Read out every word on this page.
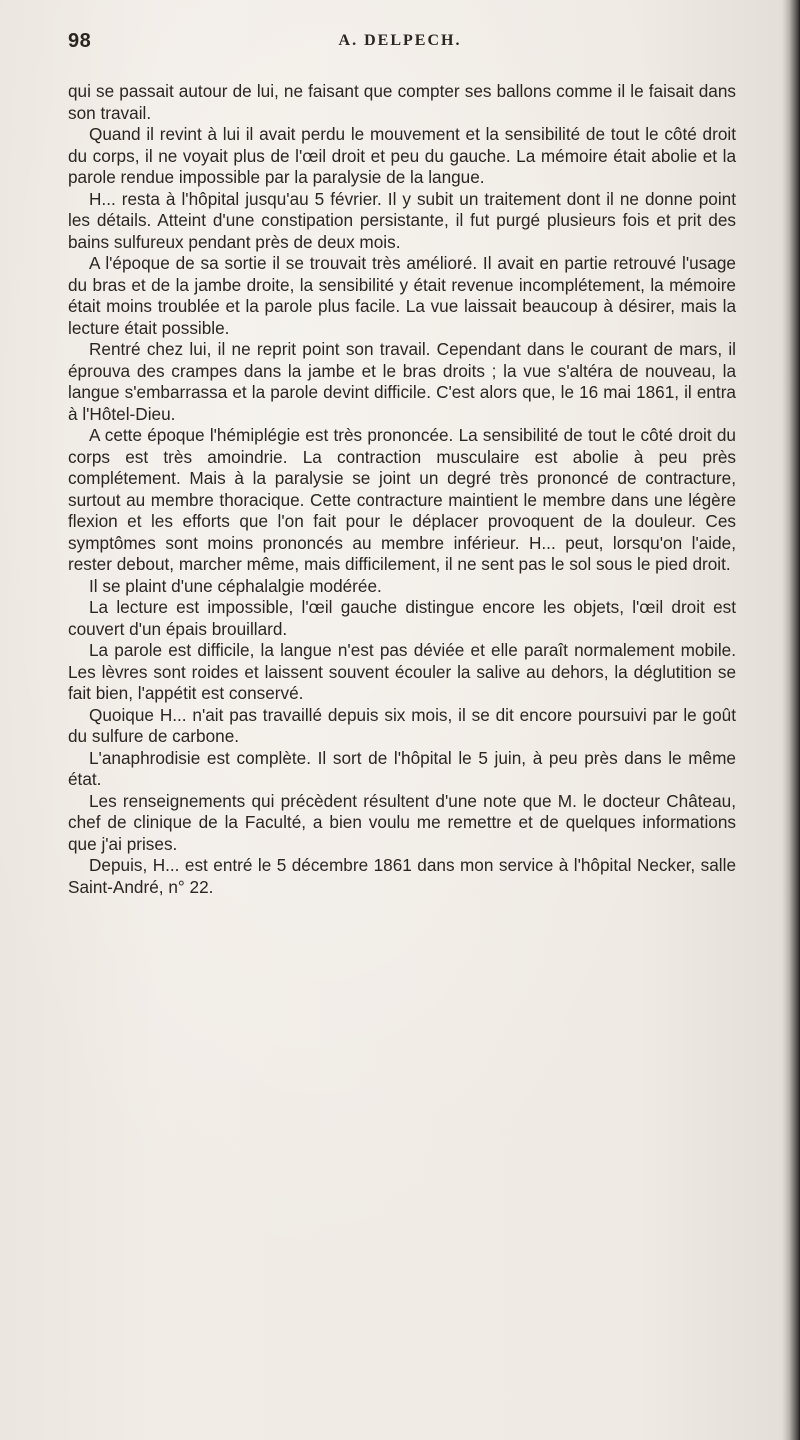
98	A. DELPECH.

qui se passait autour de lui, ne faisant que compter ses ballons comme il le faisait dans son travail.

Quand il revint à lui il avait perdu le mouvement et la sensibilité de tout le côté droit du corps, il ne voyait plus de l'œil droit et peu du gauche. La mémoire était abolie et la parole rendue impossible par la paralysie de la langue.

H... resta à l'hôpital jusqu'au 5 février. Il y subit un traitement dont il ne donne point les détails. Atteint d'une constipation persistante, il fut purgé plusieurs fois et prit des bains sulfureux pendant près de deux mois.

A l'époque de sa sortie il se trouvait très amélioré. Il avait en partie retrouvé l'usage du bras et de la jambe droite, la sensibilité y était revenue incomplétement, la mémoire était moins troublée et la parole plus facile. La vue laissait beaucoup à désirer, mais la lecture était possible.

Rentré chez lui, il ne reprit point son travail. Cependant dans le courant de mars, il éprouva des crampes dans la jambe et le bras droits ; la vue s'altéra de nouveau, la langue s'embarrassa et la parole devint difficile. C'est alors que, le 16 mai 1861, il entra à l'Hôtel-Dieu.

A cette époque l'hémiplégie est très prononcée. La sensibilité de tout le côté droit du corps est très amoindrie. La contraction musculaire est abolie à peu près complétement. Mais à la paralysie se joint un degré très prononcé de contracture, surtout au membre thoracique. Cette contracture maintient le membre dans une légère flexion et les efforts que l'on fait pour le déplacer provoquent de la douleur. Ces symptômes sont moins prononcés au membre inférieur. H... peut, lorsqu'on l'aide, rester debout, marcher même, mais difficilement, il ne sent pas le sol sous le pied droit.

Il se plaint d'une céphalalgie modérée.

La lecture est impossible, l'œil gauche distingue encore les objets, l'œil droit est couvert d'un épais brouillard.

La parole est difficile, la langue n'est pas déviée et elle paraît normalement mobile. Les lèvres sont roides et laissent souvent écouler la salive au dehors, la déglutition se fait bien, l'appétit est conservé.

Quoique H... n'ait pas travaillé depuis six mois, il se dit encore poursuivi par le goût du sulfure de carbone.

L'anaphrodisie est complète. Il sort de l'hôpital le 5 juin, à peu près dans le même état.

Les renseignements qui précèdent résultent d'une note que M. le docteur Château, chef de clinique de la Faculté, a bien voulu me remettre et de quelques informations que j'ai prises.

Depuis, H... est entré le 5 décembre 1861 dans mon service à l'hôpital Necker, salle Saint-André, n° 22.
